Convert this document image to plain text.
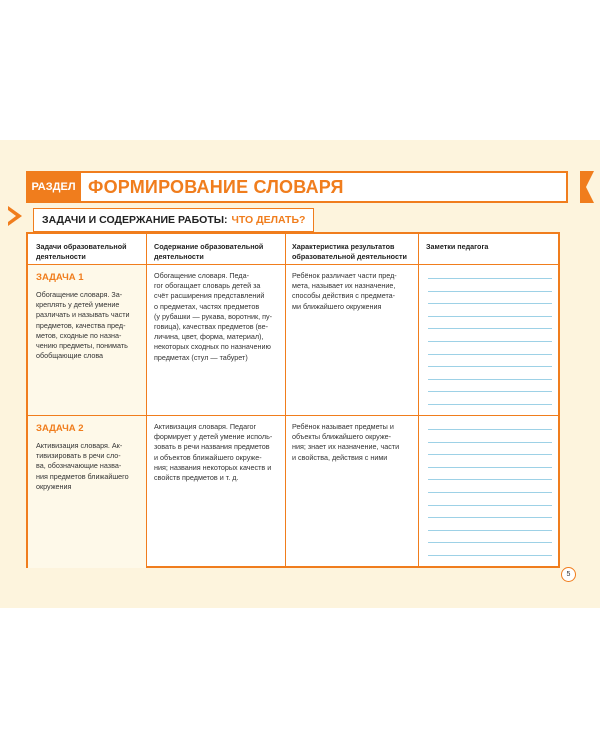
РАЗДЕЛ ФОРМИРОВАНИЕ СЛОВАРЯ
ЗАДАЧИ И СОДЕРЖАНИЕ РАБОТЫ: ЧТО ДЕЛАТЬ?
Задачи образовательной
деятельности
Содержание образовательной
деятельности
Характеристика результатов
образовательной деятельности
Заметки педагога
ЗАДАЧА 1
Обогащение словаря. За-
креплять у детей умение
различать и называть части
предметов, качества пред-
метов, сходные по назна-
чению предметы, понимать
обобщающие слова
Обогащение словаря. Педа-
гог обогащает словарь детей за
счёт расширения представлений
о предметах, частях предметов
(у рубашки — рукава, воротник, пу-
говица), качествах предметов (ве-
личина, цвет, форма, материал),
некоторых сходных по назначению
предметах (стул — табурет)
Ребёнок различает части пред-
мета, называет их назначение,
способы действия с предмета-
ми ближайшего окружения
ЗАДАЧА 2
Активизация словаря. Ак-
тивизировать в речи сло-
ва, обозначающие назва-
ния предметов ближайшего
окружения
Активизация словаря. Педагог
формирует у детей умение исполь-
зовать в речи названия предметов
и объектов ближайшего окруже-
ния; названия некоторых качеств и
свойств предметов и т. д.
Ребёнок называет предметы и
объекты ближайшего окруже-
ния; знает их назначение, части
и свойства, действия с ними
5
